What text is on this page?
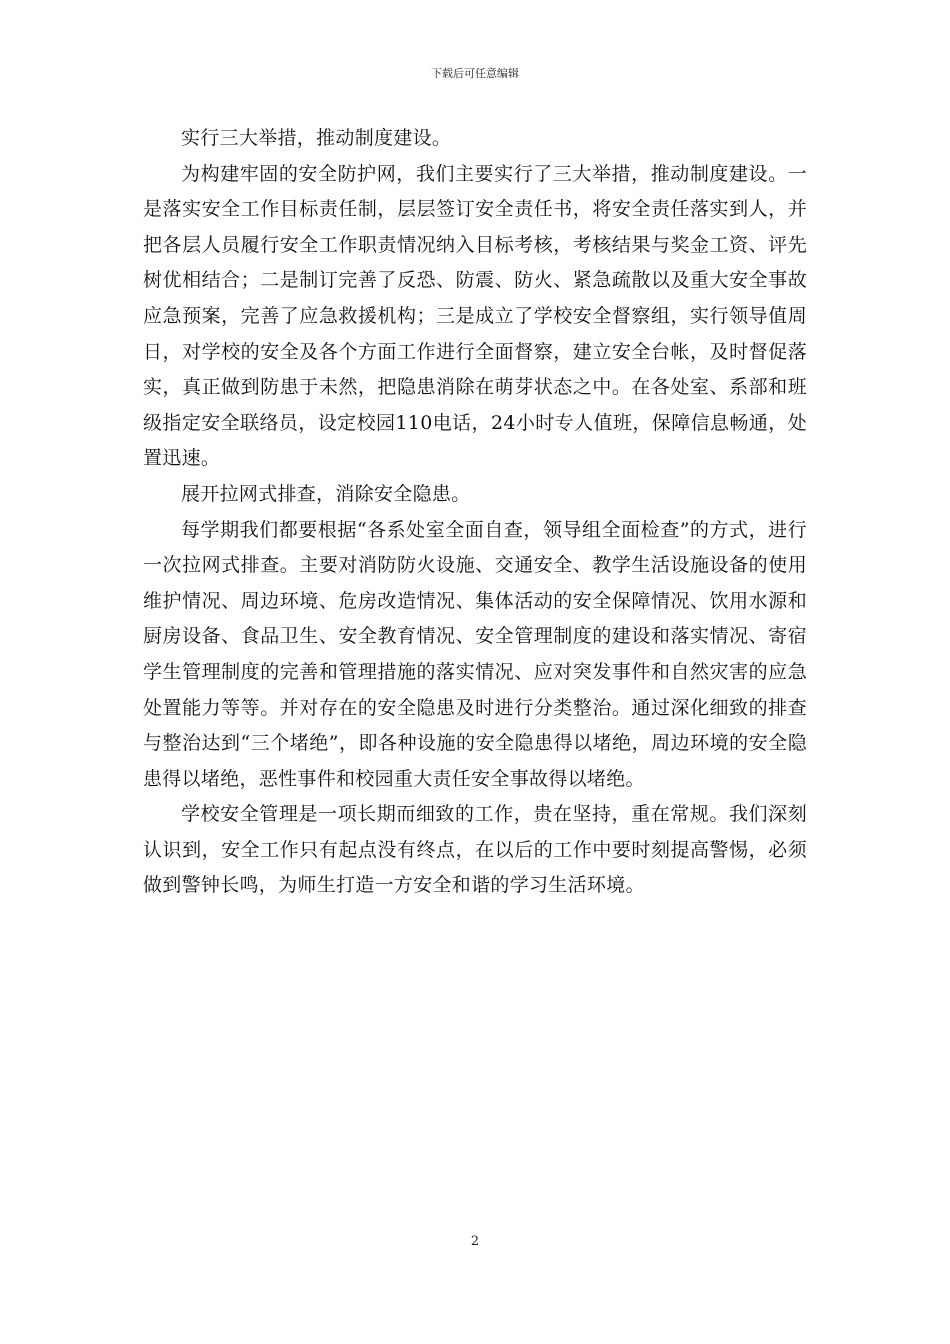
下载后可任意编辑

实行三大举措，推动制度建设。

为构建牢固的安全防护网，我们主要实行了三大举措，推动制度建设。一是落实安全工作目标责任制，层层签订安全责任书，将安全责任落实到人，并把各层人员履行安全工作职责情况纳入目标考核，考核结果与奖金工资、评先树优相结合；二是制订完善了反恐、防震、防火、紧急疏散以及重大安全事故应急预案，完善了应急救援机构；三是成立了学校安全督察组，实行领导值周日，对学校的安全及各个方面工作进行全面督察，建立安全台帐，及时督促落实，真正做到防患于未然，把隐患消除在萌芽状态之中。在各处室、系部和班级指定安全联络员，设定校园110电话，24小时专人值班，保障信息畅通，处置迅速。

展开拉网式排查，消除安全隐患。

每学期我们都要根据“各系处室全面自查，领导组全面检查”的方式，进行一次拉网式排查。主要对消防防火设施、交通安全、教学生活设施设备的使用维护情况、周边环境、危房改造情况、集体活动的安全保障情况、饮用水源和厨房设备、食品卫生、安全教育情况、安全管理制度的建设和落实情况、寄宿学生管理制度的完善和管理措施的落实情况、应对突发事件和自然灾害的应急处置能力等等。并对存在的安全隐患及时进行分类整治。通过深化细致的排查与整治达到“三个堵绝”，即各种设施的安全隐患得以堵绝，周边环境的安全隐患得以堵绝，恶性事件和校园重大责任安全事故得以堵绝。

学校安全管理是一项长期而细致的工作，贵在坚持，重在常规。我们深刻认识到，安全工作只有起点没有终点，在以后的工作中要时刻提高警惕，必须做到警钟长鸣，为师生打造一方安全和谐的学习生活环境。

2
